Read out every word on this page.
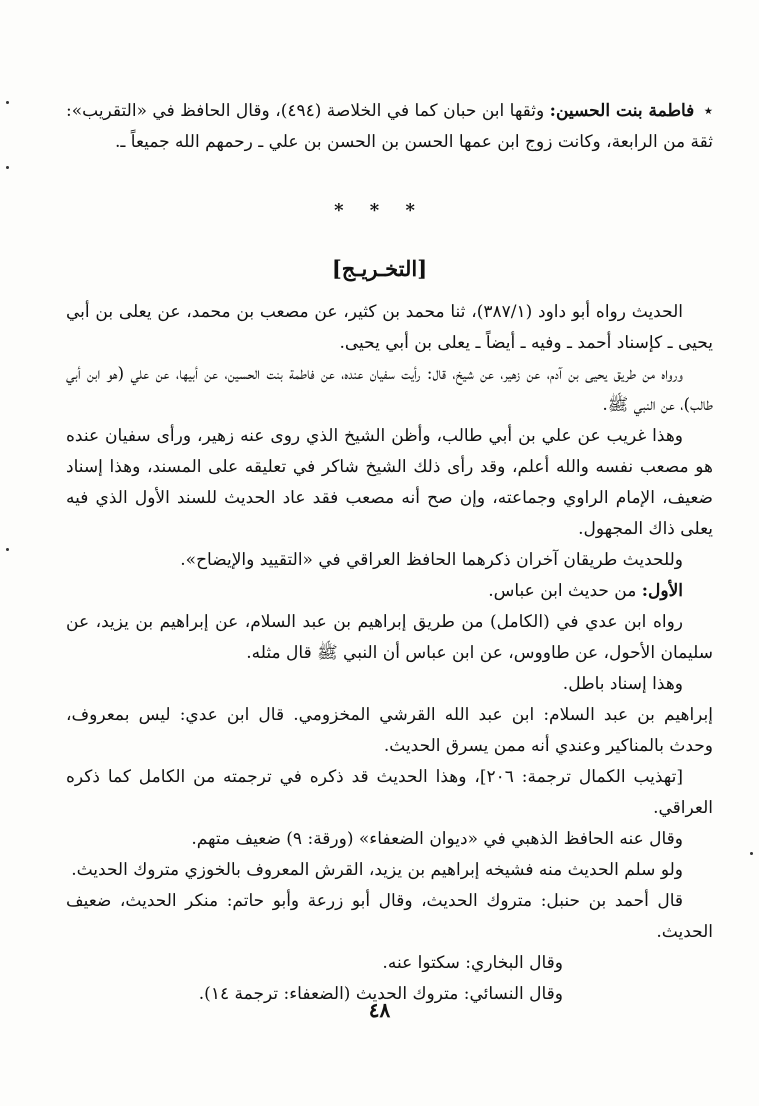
٭ فاطمة بنت الحسين: وثقها ابن حبان كما في الخلاصة (٤٩٤)، وقال الحافظ في «التقريب»: ثقة من الرابعة، وكانت زوج ابن عمها الحسن بن الحسن بن علي ـ رحمهم الله جميعاً ـ.

* * *
[التخـريـج]

الحديث رواه أبو داود (٣٨٧/١)، ثنا محمد بن كثير، عن مصعب بن محمد، عن يعلى بن أبي يحيى ـ كإسناد أحمد ـ وفيه ـ أيضاً ـ يعلى بن أبي يحيى.

ورواه من طريق يحيى بن آدم، عن زهير، عن شيخ، قال: رأيت سفيان عنده، عن فاطمة بنت الحسين، عن أبيها، عن علي (هو ابن أبي طالب)، عن النبي ﷺ.

وهذا غريب عن علي بن أبي طالب، وأظن الشيخ الذي روى عنه زهير، ورأى سفيان عنده هو مصعب نفسه والله أعلم، وقد رأى ذلك الشيخ شاكر في تعليقه على المسند، وهذا إسناد ضعيف، الإمام الراوي وجماعته، وإن صح أنه مصعب فقد عاد الحديث للسند الأول الذي فيه يعلى ذاك المجهول.

وللحديث طريقان آخران ذكرهما الحافظ العراقي في «التقييد والإيضاح».

الأول: من حديث ابن عباس.

رواه ابن عدي في (الكامل) من طريق إبراهيم بن عبد السلام، عن إبراهيم بن يزيد، عن سليمان الأحول، عن طاووس، عن ابن عباس أن النبي ﷺ قال مثله.

وهذا إسناد باطل.

إبراهيم بن عبد السلام: ابن عبد الله القرشي المخزومي. قال ابن عدي: ليس بمعروف، وحدث بالمناكير وعندي أنه ممن يسرق الحديث.

[تهذيب الكمال ترجمة: ٢٠٦]، وهذا الحديث قد ذكره في ترجمته من الكامل كما ذكره العراقي.

وقال عنه الحافظ الذهبي في «ديوان الضعفاء» (ورقة: ٩) ضعيف متهم.

ولو سلم الحديث منه فشيخه إبراهيم بن يزيد، القرش المعروف بالخوزي متروك الحديث.

قال أحمد بن حنبل: متروك الحديث، وقال أبو زرعة وأبو حاتم: منكر الحديث، ضعيف الحديث.

وقال البخاري: سكتوا عنه.

وقال النسائي: متروك الحديث (الضعفاء: ترجمة ١٤).

٤٨
